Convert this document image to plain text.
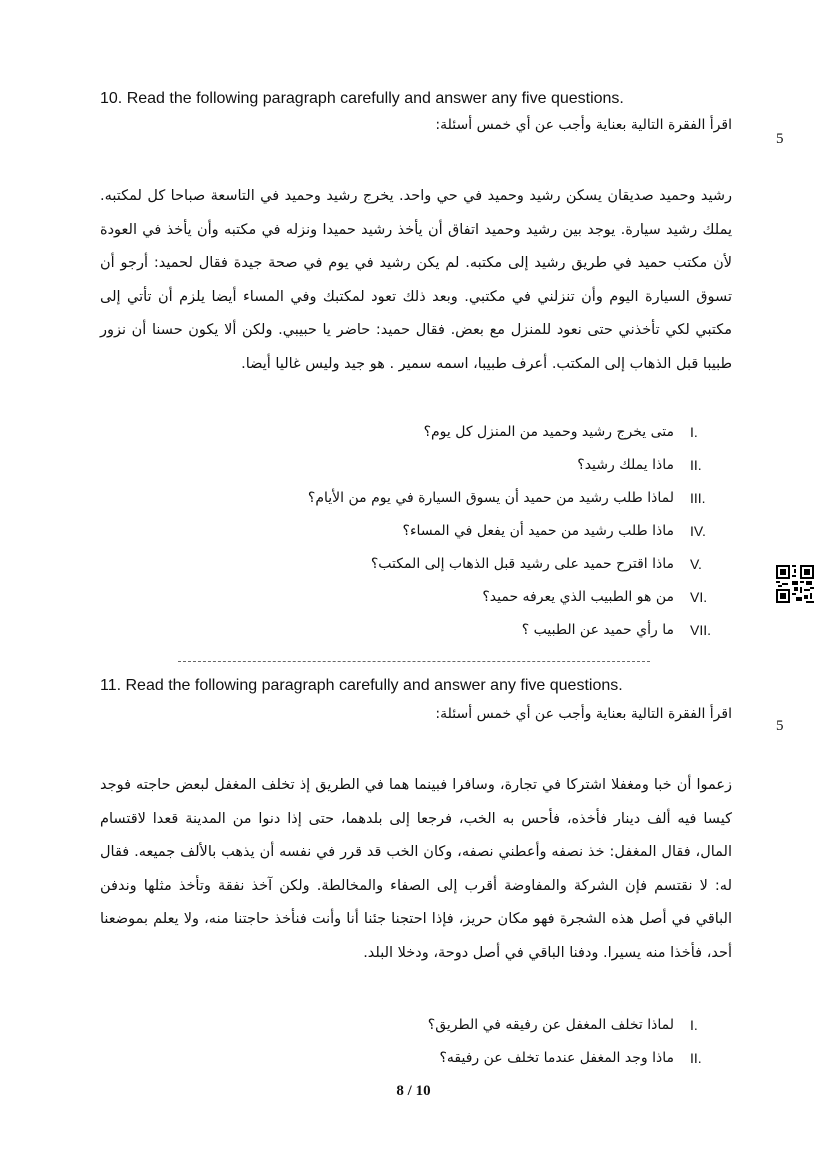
10. Read the following paragraph carefully and answer any five questions.
اقرأ الفقرة التالية بعناية وأجب عن أي خمس أسئلة:
5
رشيد وحميد صديقان يسكن رشيد وحميد في حي واحد. يخرج رشيد وحميد في التاسعة صباحا كل لمكتبه. يملك رشيد سيارة. يوجد بين رشيد وحميد اتفاق أن يأخذ رشيد حميدا ونزله في مكتبه وأن يأخذ في العودة لأن مكتب حميد في طريق رشيد إلى مكتبه. لم يكن رشيد في يوم في صحة جيدة فقال لحميد: أرجو أن تسوق السيارة اليوم وأن تنزلني في مكتبي. وبعد ذلك تعود لمكتبك وفي المساء أيضا يلزم أن تأتي إلى مكتبي لكي تأخذني حتى نعود للمنزل مع بعض. فقال حميد: حاضر يا حبيبي. ولكن ألا يكون حسنا أن نزور طبيبا قبل الذهاب إلى المكتب. أعرف طبيبا، اسمه سمير . هو جيد وليس غاليا أيضا.
I.
متى يخرج رشيد وحميد من المنزل كل يوم؟
II.
ماذا يملك رشيد؟
III.
لماذا طلب رشيد من حميد أن يسوق السيارة في يوم من الأيام؟
IV.
ماذا طلب رشيد من حميد أن يفعل في المساء؟
V.
ماذا اقترح حميد على رشيد قبل الذهاب إلى المكتب؟
VI.
من هو الطبيب الذي يعرفه حميد؟
VII.
ما رأي حميد عن الطبيب ؟
11. Read the following paragraph carefully and answer any five questions.
اقرأ الفقرة التالية بعناية وأجب عن أي خمس أسئلة:
5
زعموا أن خبا ومغفلا اشتركا في تجارة، وسافرا فبينما هما في الطريق إذ تخلف المغفل لبعض حاجته فوجد كيسا فيه ألف دينار فأخذه، فأحس به الخب، فرجعا إلى بلدهما، حتى إذا دنوا من المدينة قعدا لاقتسام المال، فقال المغفل: خذ نصفه وأعطني نصفه، وكان الخب قد قرر في نفسه أن يذهب بالألف جميعه. فقال له: لا نقتسم فإن الشركة والمفاوضة أقرب إلى الصفاء والمخالطة. ولكن آخذ نفقة وتأخذ مثلها وندفن الباقي في أصل هذه الشجرة فهو مكان حريز، فإذا احتجنا جئنا أنا وأنت فنأخذ حاجتنا منه، ولا يعلم بموضعنا أحد، فأخذا منه يسيرا. ودفنا الباقي في أصل دوحة، ودخلا البلد.
I.
لماذا تخلف المغفل عن رفيقه في الطريق؟
II.
ماذا وجد المغفل عندما تخلف عن رفيقه؟
8 / 10
